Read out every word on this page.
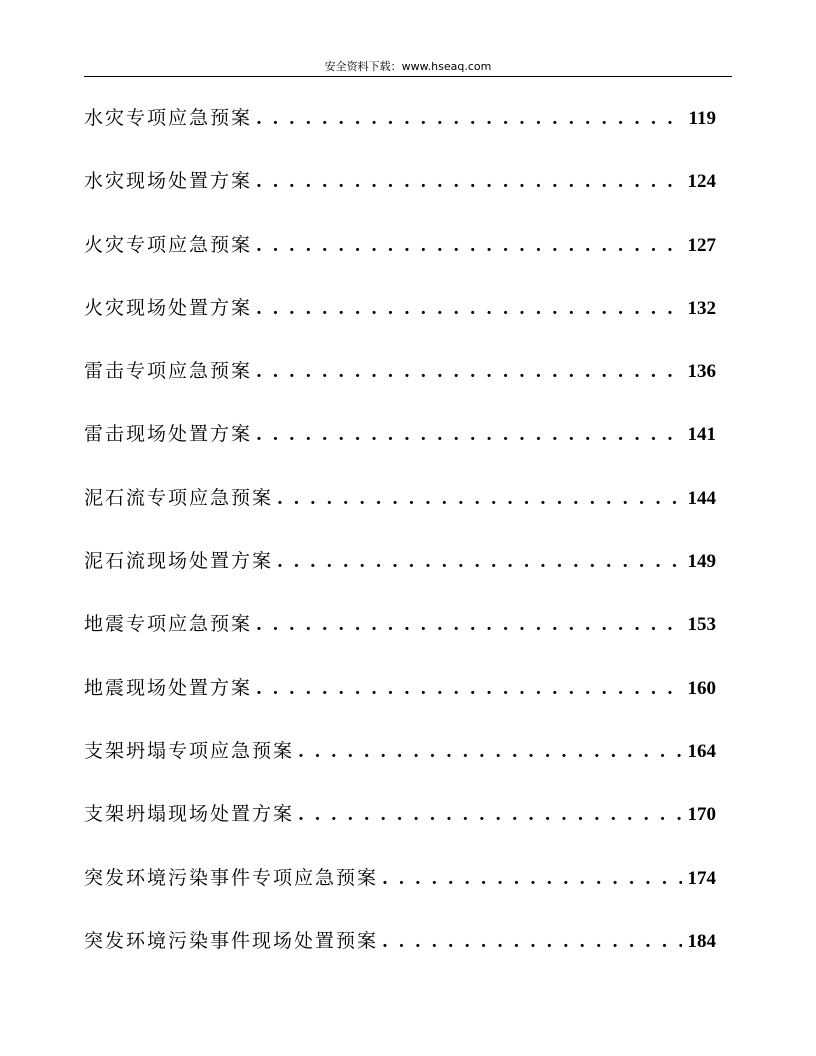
安全资料下载：www.hseaq.com
水灾专项应急预案 . . .	119
水灾现场处置方案 . . .	124
火灾专项应急预案 . . .	127
火灾现场处置方案 . . .	132
雷击专项应急预案 . . .	136
雷击现场处置方案 . . .	141
泥石流专项应急预案 . . .	144
泥石流现场处置方案 . . .	149
地震专项应急预案 . . .	153
地震现场处置方案 . . .	160
支架坍塌专项应急预案 . . .	164
支架坍塌现场处置方案 . . .	170
突发环境污染事件专项应急预案 . . .	174
突发环境污染事件现场处置预案 . . .	184
